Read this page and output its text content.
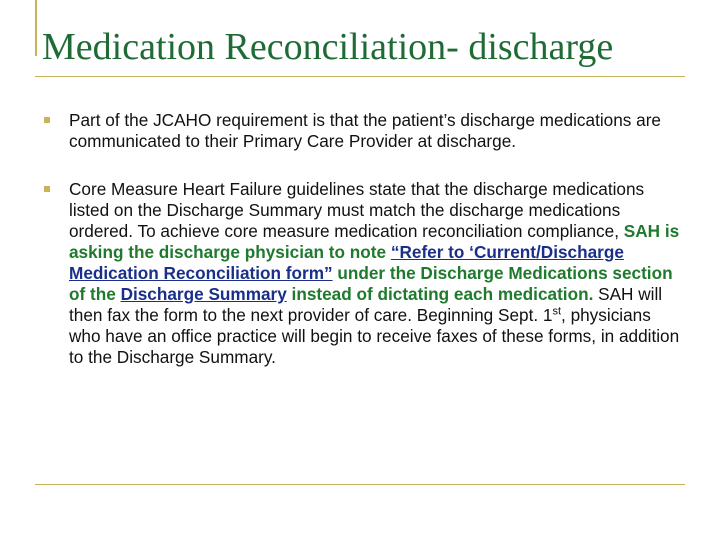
Medication Reconciliation- discharge
Part of the JCAHO requirement is that the patient’s discharge medications are communicated to their Primary Care Provider at discharge.
Core Measure Heart Failure guidelines state that the discharge medications listed on the Discharge Summary must match the discharge medications ordered. To achieve core measure medication reconciliation compliance, SAH is asking the discharge physician to note “Refer to ‘Current/Discharge Medication Reconciliation form” under the Discharge Medications section of the Discharge Summary instead of dictating each medication. SAH will then fax the form to the next provider of care. Beginning Sept. 1st, physicians who have an office practice will begin to receive faxes of these forms, in addition to the Discharge Summary.
